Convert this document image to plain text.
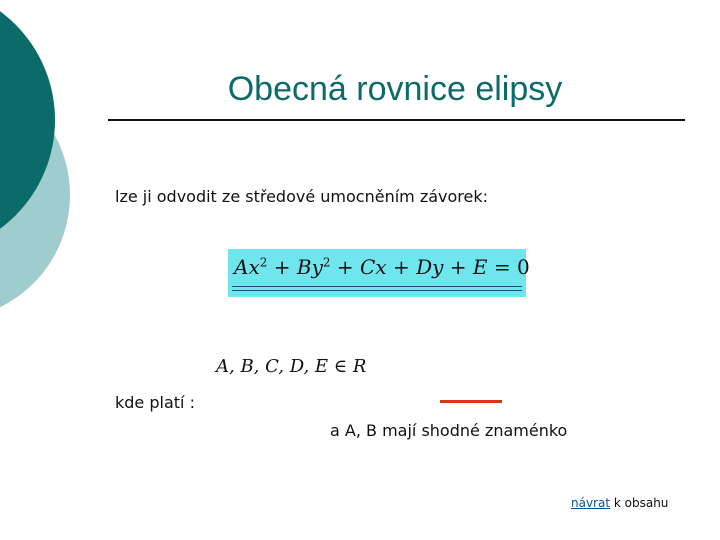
Obecná rovnice elipsy
lze ji odvodit ze středové umocněním závorek:
$Ax^2 + By^2 + Cx + Dy + E = 0$
A, B, C, D, E ∈ R
kde platí :
a A, B mají shodné znaménko
návrat k obsahu
